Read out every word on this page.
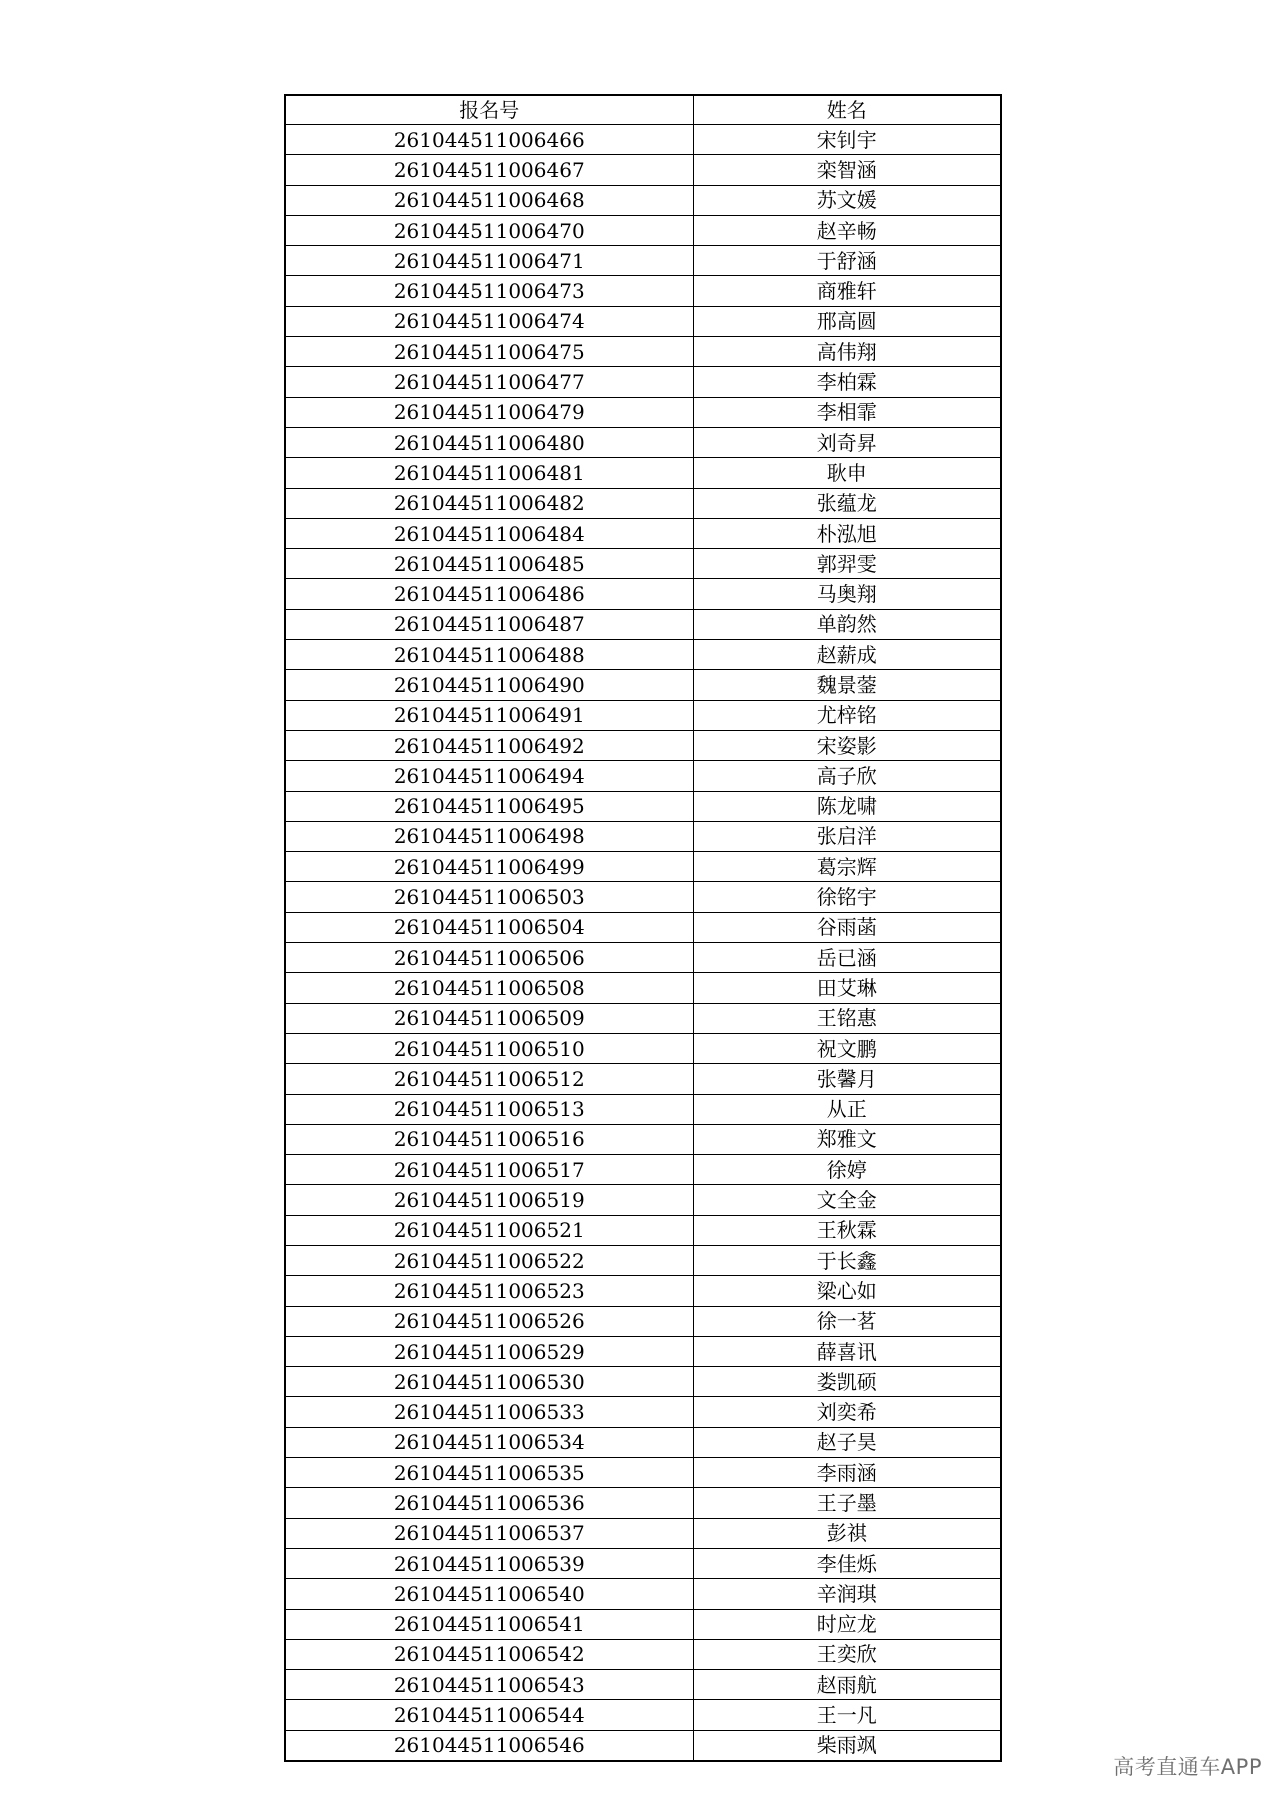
报名号	姓名
261044511006466	宋钊宇
261044511006467	栾智涵
261044511006468	苏文媛
261044511006470	赵辛畅
261044511006471	于舒涵
261044511006473	商雅轩
261044511006474	邢高圆
261044511006475	高伟翔
261044511006477	李柏霖
261044511006479	李相霏
261044511006480	刘奇昇
261044511006481	耿申
261044511006482	张蕴龙
261044511006484	朴泓旭
261044511006485	郭羿雯
261044511006486	马奥翔
261044511006487	单韵然
261044511006488	赵薪成
261044511006490	魏景蓥
261044511006491	尤梓铭
261044511006492	宋姿影
261044511006494	高子欣
261044511006495	陈龙啸
261044511006498	张启洋
261044511006499	葛宗辉
261044511006503	徐铭宇
261044511006504	谷雨菡
261044511006506	岳已涵
261044511006508	田艾琳
261044511006509	王铭惠
261044511006510	祝文鹏
261044511006512	张馨月
261044511006513	从正
261044511006516	郑雅文
261044511006517	徐婷
261044511006519	文全金
261044511006521	王秋霖
261044511006522	于长鑫
261044511006523	梁心如
261044511006526	徐一茗
261044511006529	薛喜讯
261044511006530	娄凯硕
261044511006533	刘奕希
261044511006534	赵子昊
261044511006535	李雨涵
261044511006536	王子墨
261044511006537	彭祺
261044511006539	李佳烁
261044511006540	辛润琪
261044511006541	时应龙
261044511006542	王奕欣
261044511006543	赵雨航
261044511006544	王一凡
261044511006546	柴雨飒
高考直通车APP
